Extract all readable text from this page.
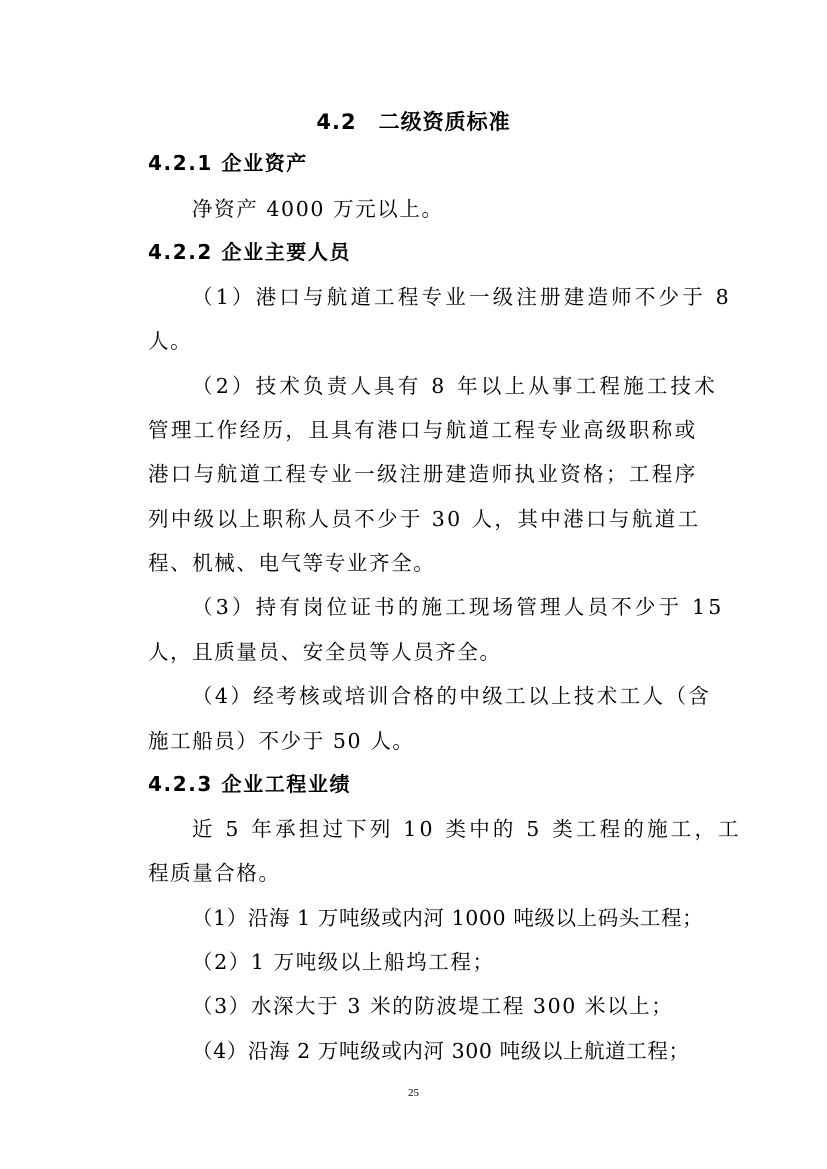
4.2　二级资质标准
4.2.1 企业资产
净资产 4000 万元以上。
4.2.2 企业主要人员
（1）港口与航道工程专业一级注册建造师不少于 8
人。
（2）技术负责人具有 8 年以上从事工程施工技术
管理工作经历，且具有港口与航道工程专业高级职称或
港口与航道工程专业一级注册建造师执业资格；工程序
列中级以上职称人员不少于 30 人，其中港口与航道工
程、机械、电气等专业齐全。
（3）持有岗位证书的施工现场管理人员不少于 15
人，且质量员、安全员等人员齐全。
（4）经考核或培训合格的中级工以上技术工人（含
施工船员）不少于 50 人。
4.2.3 企业工程业绩
近 5 年承担过下列 10 类中的 5 类工程的施工，工
程质量合格。
（1）沿海 1 万吨级或内河 1000 吨级以上码头工程；
（2）1 万吨级以上船坞工程；
（3）水深大于 3 米的防波堤工程 300 米以上；
（4）沿海 2 万吨级或内河 300 吨级以上航道工程；
25
